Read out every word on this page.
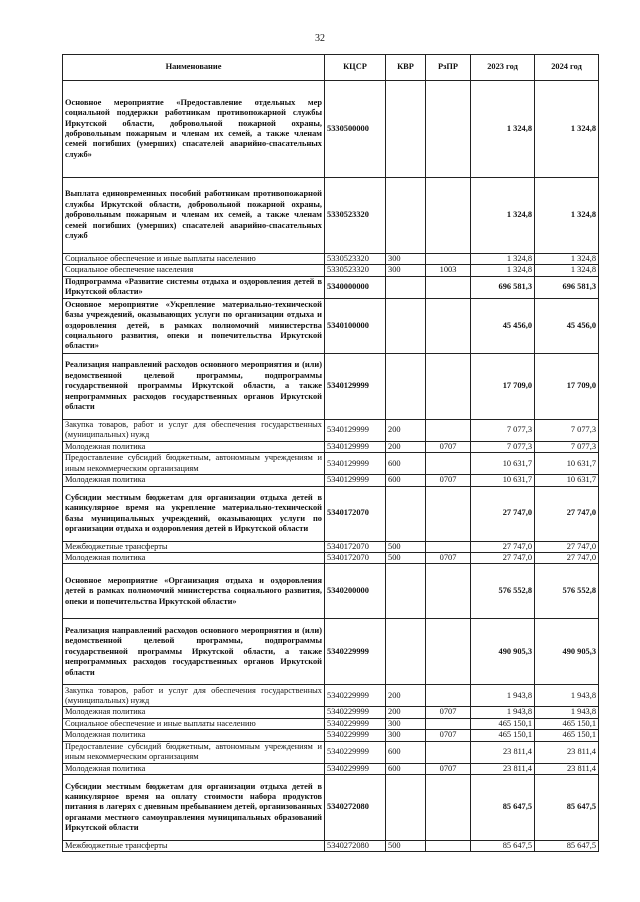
32
Наименование	КЦСР	КВР	РзПР	2023 год	2024 год
Основное мероприятие «Предоставление отдельных мер социальной поддержки работникам противопожарной службы Иркутской области, добровольной пожарной охраны, добровольным пожарным и членам их семей, а также членам семей погибших (умерших) спасателей аварийно-спасательных служб»	5330500000			1 324,8	1 324,8
Выплата единовременных пособий работникам противопожарной службы Иркутской области, добровольной пожарной охраны, добровольным пожарным и членам их семей, а также членам семей погибших (умерших) спасателей аварийно-спасательных служб	5330523320			1 324,8	1 324,8
Социальное обеспечение и иные выплаты населению	5330523320	300		1 324,8	1 324,8
Социальное обеспечение населения	5330523320	300	1003	1 324,8	1 324,8
Подпрограмма «Развитие системы отдыха и оздоровления детей в Иркутской области»	5340000000			696 581,3	696 581,3
Основное мероприятие «Укрепление материально-технической базы учреждений, оказывающих услуги по организации отдыха и оздоровления детей, в рамках полномочий министерства социального развития, опеки и попечительства Иркутской области»	5340100000			45 456,0	45 456,0
Реализация направлений расходов основного мероприятия и (или) ведомственной целевой программы, подпрограммы государственной программы Иркутской области, а также непрограммных расходов государственных органов Иркутской области	5340129999			17 709,0	17 709,0
Закупка товаров, работ и услуг для обеспечения государственных (муниципальных) нужд	5340129999	200		7 077,3	7 077,3
Молодежная политика	5340129999	200	0707	7 077,3	7 077,3
Предоставление субсидий бюджетным, автономным учреждениям и иным некоммерческим организациям	5340129999	600		10 631,7	10 631,7
Молодежная политика	5340129999	600	0707	10 631,7	10 631,7
Субсидии местным бюджетам для организации отдыха детей в каникулярное время на укрепление материально-технической базы муниципальных учреждений, оказывающих услуги по организации отдыха и оздоровления детей в Иркутской области	5340172070			27 747,0	27 747,0
Межбюджетные трансферты	5340172070	500		27 747,0	27 747,0
Молодежная политика	5340172070	500	0707	27 747,0	27 747,0
Основное мероприятие «Организация отдыха и оздоровления детей в рамках полномочий министерства социального развития, опеки и попечительства Иркутской области»	5340200000			576 552,8	576 552,8
Реализация направлений расходов основного мероприятия и (или) ведомственной целевой программы, подпрограммы государственной программы Иркутской области, а также непрограммных расходов государственных органов Иркутской области	5340229999			490 905,3	490 905,3
Закупка товаров, работ и услуг для обеспечения государственных (муниципальных) нужд	5340229999	200		1 943,8	1 943,8
Молодежная политика	5340229999	200	0707	1 943,8	1 943,8
Социальное обеспечение и иные выплаты населению	5340229999	300		465 150,1	465 150,1
Молодежная политика	5340229999	300	0707	465 150,1	465 150,1
Предоставление субсидий бюджетным, автономным учреждениям и иным некоммерческим организациям	5340229999	600		23 811,4	23 811,4
Молодежная политика	5340229999	600	0707	23 811,4	23 811,4
Субсидии местным бюджетам для организации отдыха детей в каникулярное время на оплату стоимости набора продуктов питания в лагерях с дневным пребыванием детей, организованных органами местного самоуправления муниципальных образований Иркутской области	5340272080			85 647,5	85 647,5
Межбюджетные трансферты	5340272080	500		85 647,5	85 647,5
